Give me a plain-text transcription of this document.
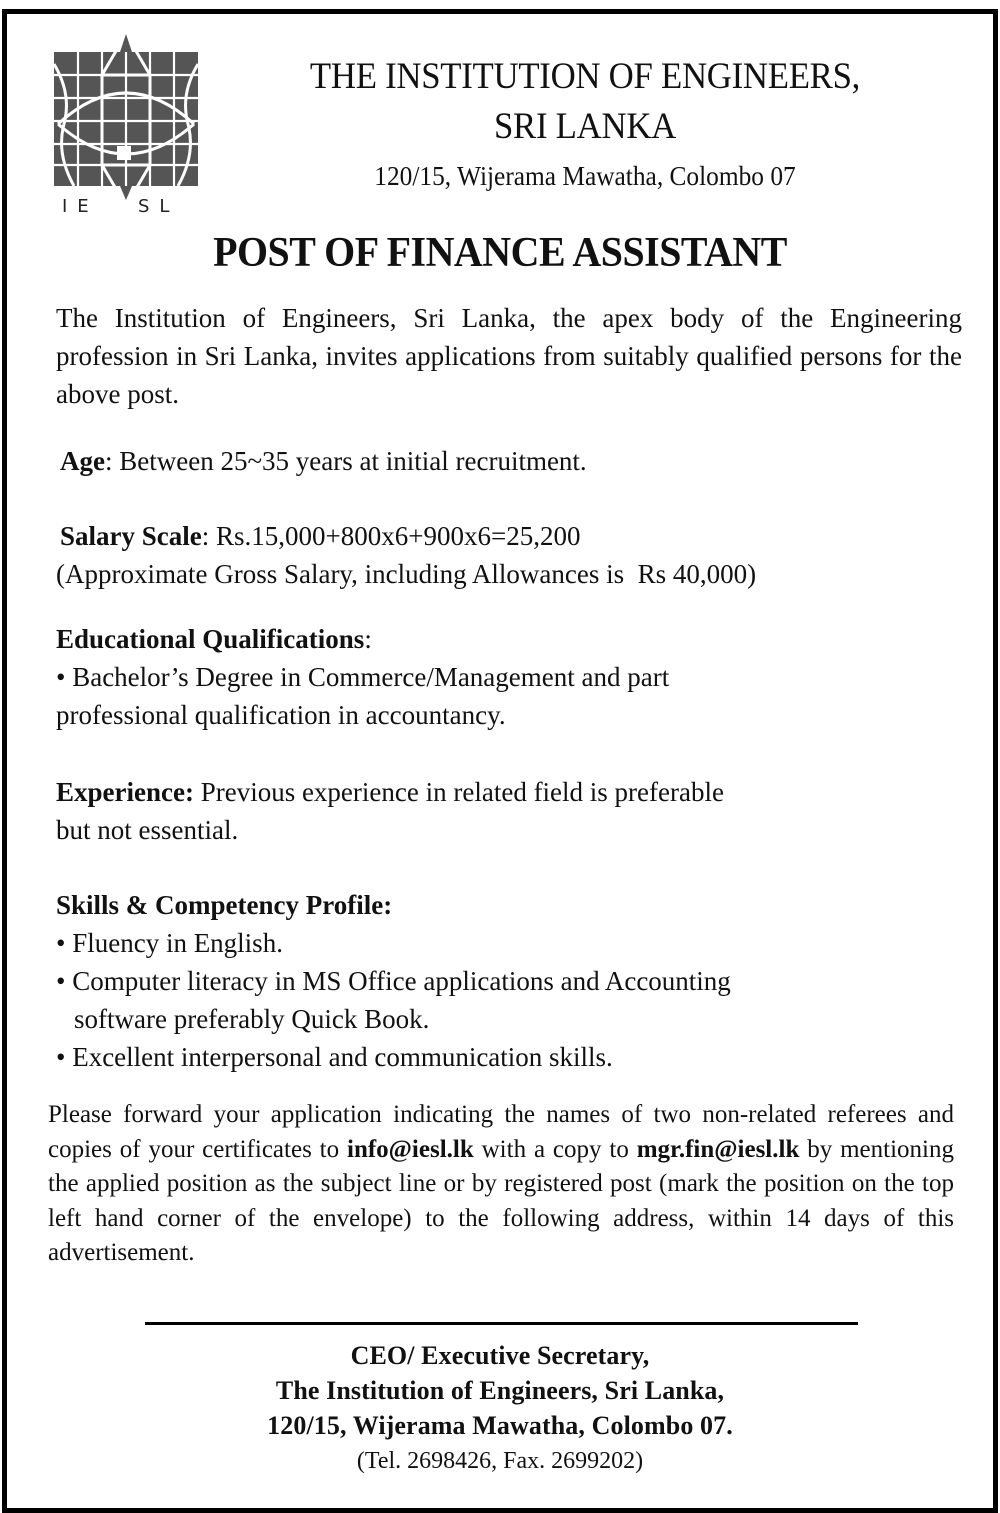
IE SL
THE INSTITUTION OF ENGINEERS,
SRI LANKA
120/15, Wijerama Mawatha, Colombo 07
POST OF FINANCE ASSISTANT
The Institution of Engineers, Sri Lanka, the apex body of the Engineering profession in Sri Lanka, invites applications from suitably qualified persons for the above post.
Age: Between 25~35 years at initial recruitment.
Salary Scale: Rs.15,000+800x6+900x6=25,200
(Approximate Gross Salary, including Allowances is  Rs 40,000)
Educational Qualifications:
• Bachelor’s Degree in Commerce/Management and part
professional qualification in accountancy.
Experience: Previous experience in related field is preferable
but not essential.
Skills & Competency Profile:
• Fluency in English.
• Computer literacy in MS Office applications and Accounting
software preferably Quick Book.
• Excellent interpersonal and communication skills.
Please forward your application indicating the names of two non-related referees and copies of your certificates to info@iesl.lk with a copy to mgr.fin@iesl.lk by mentioning the applied position as the subject line or by registered post (mark the position on the top left hand corner of the envelope) to the following address, within 14 days of this advertisement.
CEO/ Executive Secretary,
The Institution of Engineers, Sri Lanka,
120/15, Wijerama Mawatha, Colombo 07.
(Tel. 2698426, Fax. 2699202)
